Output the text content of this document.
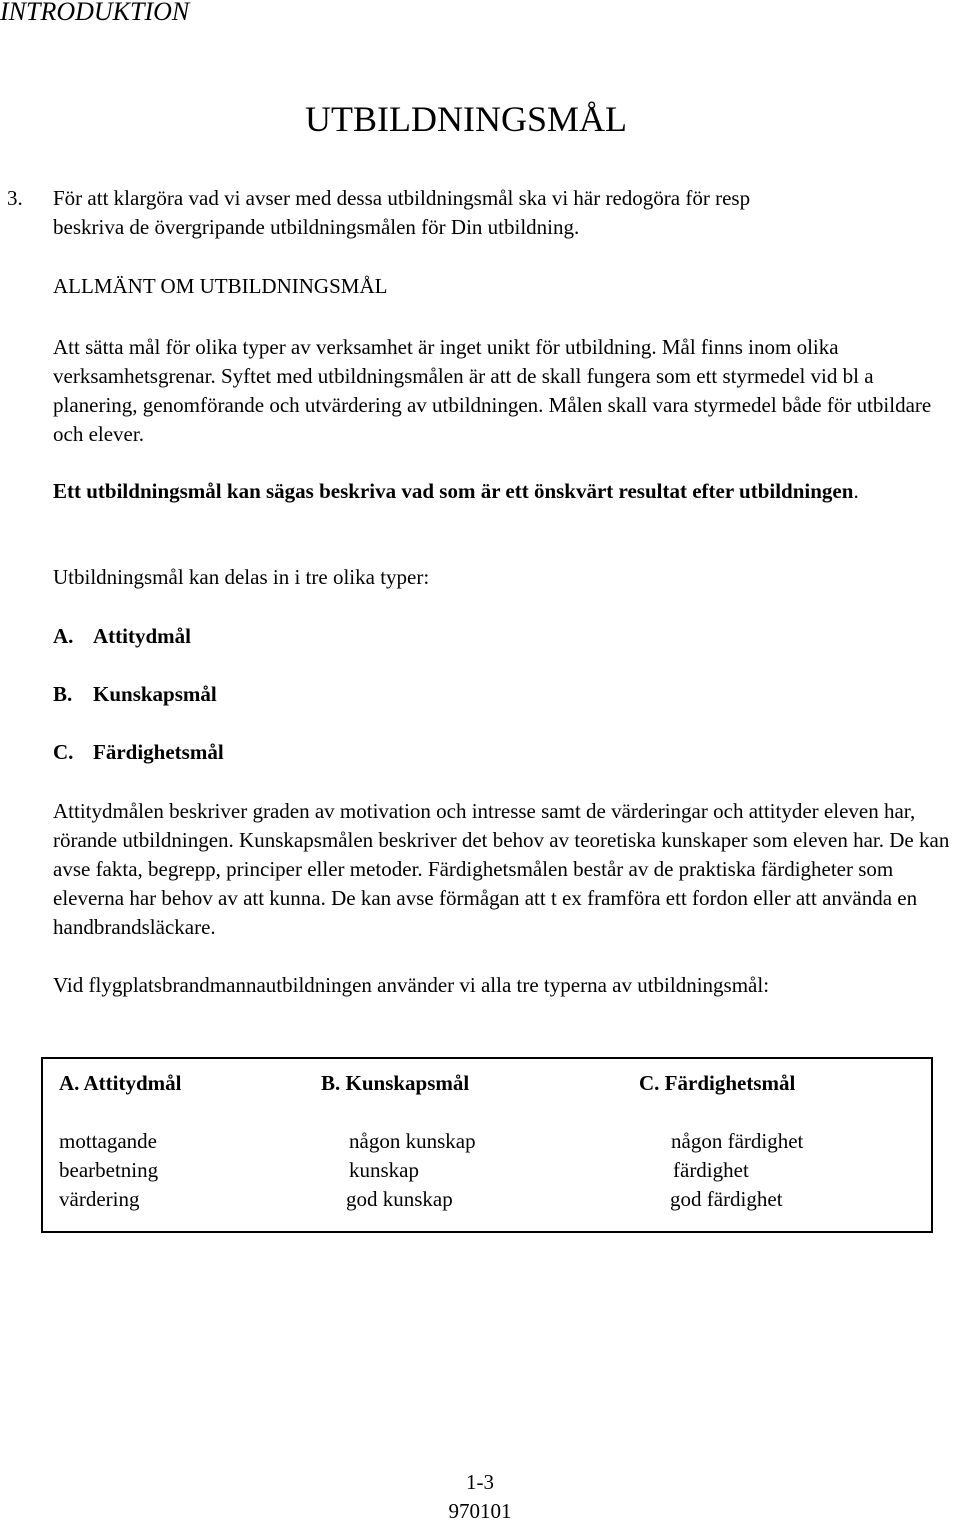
INTRODUKTION
UTBILDNINGSMÅL
3. För att klargöra vad vi avser med dessa utbildningsmål ska vi här redogöra för resp
beskriva de övergripande utbildningsmålen för Din utbildning.
ALLMÄNT OM UTBILDNINGSMÅL
Att sätta mål för olika typer av verksamhet är inget unikt för utbildning. Mål finns inom olika verksamhetsgrenar. Syftet med utbildningsmålen är att de skall fungera som ett styrmedel vid bl a planering, genomförande och utvärdering av utbildningen. Målen skall vara styrmedel både för utbildare och elever.
Ett utbildningsmål kan sägas beskriva vad som är ett önskvärt resultat efter utbildningen.
Utbildningsmål kan delas in i tre olika typer:
A. Attitydmål
B. Kunskapsmål
C. Färdighetsmål
Attitydmålen beskriver graden av motivation och intresse samt de värderingar och attityder eleven har, rörande utbildningen. Kunskapsmålen beskriver det behov av teoretiska kunskaper som eleven har. De kan avse fakta, begrepp, principer eller metoder. Färdighetsmålen består av de praktiska färdigheter som eleverna har behov av att kunna. De kan avse förmågan att t ex framföra ett fordon eller att använda en handbrandsläckare.
Vid flygplatsbrandmannautbildningen använder vi alla tre typerna av utbildningsmål:
A. Attitydmål	B. Kunskapsmål	C. Färdighetsmål
mottagande
bearbetning
värdering
någon kunskap
kunskap
god kunskap
någon färdighet
färdighet
god färdighet
1-3
970101
